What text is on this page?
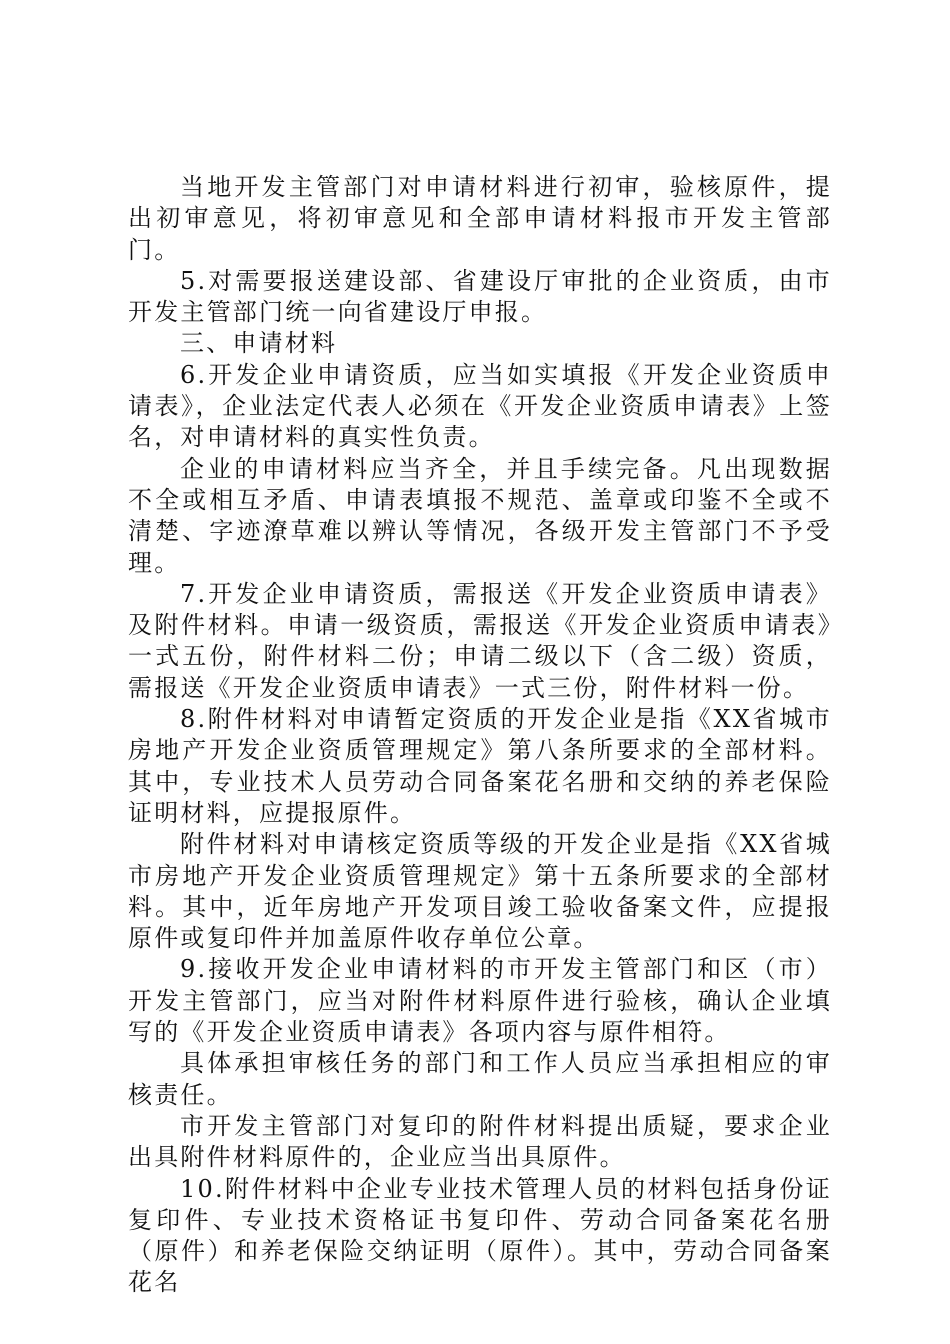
当地开发主管部门对申请材料进行初审，验核原件，提出初审意见，将初审意见和全部申请材料报市开发主管部门。

5.对需要报送建设部、省建设厅审批的企业资质，由市开发主管部门统一向省建设厅申报。

三、申请材料

6.开发企业申请资质，应当如实填报《开发企业资质申请表》，企业法定代表人必须在《开发企业资质申请表》上签名，对申请材料的真实性负责。

企业的申请材料应当齐全，并且手续完备。凡出现数据不全或相互矛盾、申请表填报不规范、盖章或印鉴不全或不清楚、字迹潦草难以辨认等情况，各级开发主管部门不予受理。

7.开发企业申请资质，需报送《开发企业资质申请表》及附件材料。申请一级资质，需报送《开发企业资质申请表》一式五份，附件材料二份；申请二级以下（含二级）资质，需报送《开发企业资质申请表》一式三份，附件材料一份。

8.附件材料对申请暂定资质的开发企业是指《XX省城市房地产开发企业资质管理规定》第八条所要求的全部材料。其中，专业技术人员劳动合同备案花名册和交纳的养老保险证明材料，应提报原件。

附件材料对申请核定资质等级的开发企业是指《XX省城市房地产开发企业资质管理规定》第十五条所要求的全部材料。其中，近年房地产开发项目竣工验收备案文件，应提报原件或复印件并加盖原件收存单位公章。

9.接收开发企业申请材料的市开发主管部门和区（市）开发主管部门，应当对附件材料原件进行验核，确认企业填写的《开发企业资质申请表》各项内容与原件相符。

具体承担审核任务的部门和工作人员应当承担相应的审核责任。

市开发主管部门对复印的附件材料提出质疑，要求企业出具附件材料原件的，企业应当出具原件。

10.附件材料中企业专业技术管理人员的材料包括身份证复印件、专业技术资格证书复印件、劳动合同备案花名册（原件）和养老保险交纳证明（原件）。其中，劳动合同备案花名
